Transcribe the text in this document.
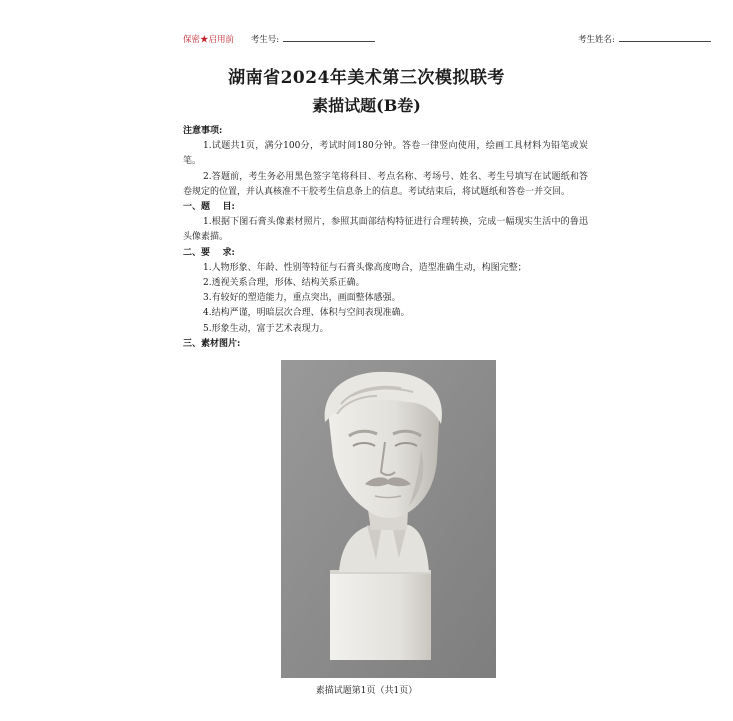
保密★启用前 考生号:	考生姓名:
湖南省2024年美术第三次模拟联考
素描试题(B卷)
注意事项:
1.试题共1页，满分100分，考试时间180分钟。答卷一律竖向使用，绘画工具材料为铅笔或炭笔。
2.答题前，考生务必用黑色签字笔将科目、考点名称、考场号、姓名、考生号填写在试题纸和答卷规定的位置，并认真核准不干胶考生信息条上的信息。考试结束后，将试题纸和答卷一并交回。
一、题    目:
1.根据下图石膏头像素材照片，参照其面部结构特征进行合理转换，完成一幅现实生活中的鲁迅头像素描。
二、要    求:
1.人物形象、年龄、性别等特征与石膏头像高度吻合，造型准确生动，构图完整；
2.透视关系合理，形体、结构关系正确。
3.有较好的塑造能力，重点突出，画面整体感强。
4.结构严谨，明暗层次合理、体积与空间表现准确。
5.形象生动，富于艺术表现力。
三、素材图片:
素描试题第1页（共1页）
